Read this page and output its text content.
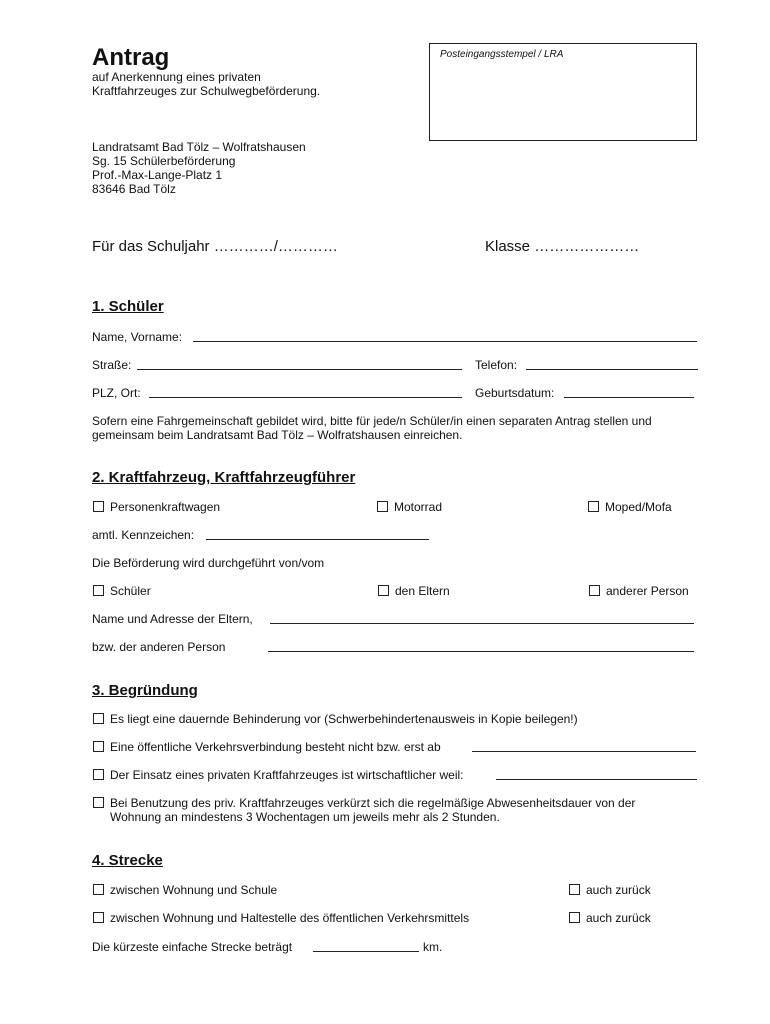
Antrag
auf Anerkennung eines privaten
Kraftfahrzeuges zur Schulwegbeförderung.
Posteingangsstempel / LRA
Landratsamt Bad Tölz – Wolfratshausen
Sg. 15 Schülerbeförderung
Prof.-Max-Lange-Platz 1
83646 Bad Tölz
Für das Schuljahr …………/…………	Klasse …………………
1. Schüler
Name, Vorname:
Straße:	Telefon:
PLZ, Ort:	Geburtsdatum:
Sofern eine Fahrgemeinschaft gebildet wird, bitte für jede/n Schüler/in einen separaten Antrag stellen und
gemeinsam beim Landratsamt Bad Tölz – Wolfratshausen einreichen.
2. Kraftfahrzeug, Kraftfahrzeugführer
Personenkraftwagen	Motorrad	Moped/Mofa
amtl. Kennzeichen:
Die Beförderung wird durchgeführt von/vom
Schüler	den Eltern	anderer Person
Name und Adresse der Eltern,
bzw. der anderen Person
3. Begründung
Es liegt eine dauernde Behinderung vor (Schwerbehindertenausweis in Kopie beilegen!)
Eine öffentliche Verkehrsverbindung besteht nicht bzw. erst ab
Der Einsatz eines privaten Kraftfahrzeuges ist wirtschaftlicher weil:
Bei Benutzung des priv. Kraftfahrzeuges verkürzt sich die regelmäßige Abwesenheitsdauer von der
Wohnung an mindestens 3 Wochentagen um jeweils mehr als 2 Stunden.
4. Strecke
zwischen Wohnung und Schule	auch zurück
zwischen Wohnung und Haltestelle des öffentlichen Verkehrsmittels	auch zurück
Die kürzeste einfache Strecke beträgt	km.
